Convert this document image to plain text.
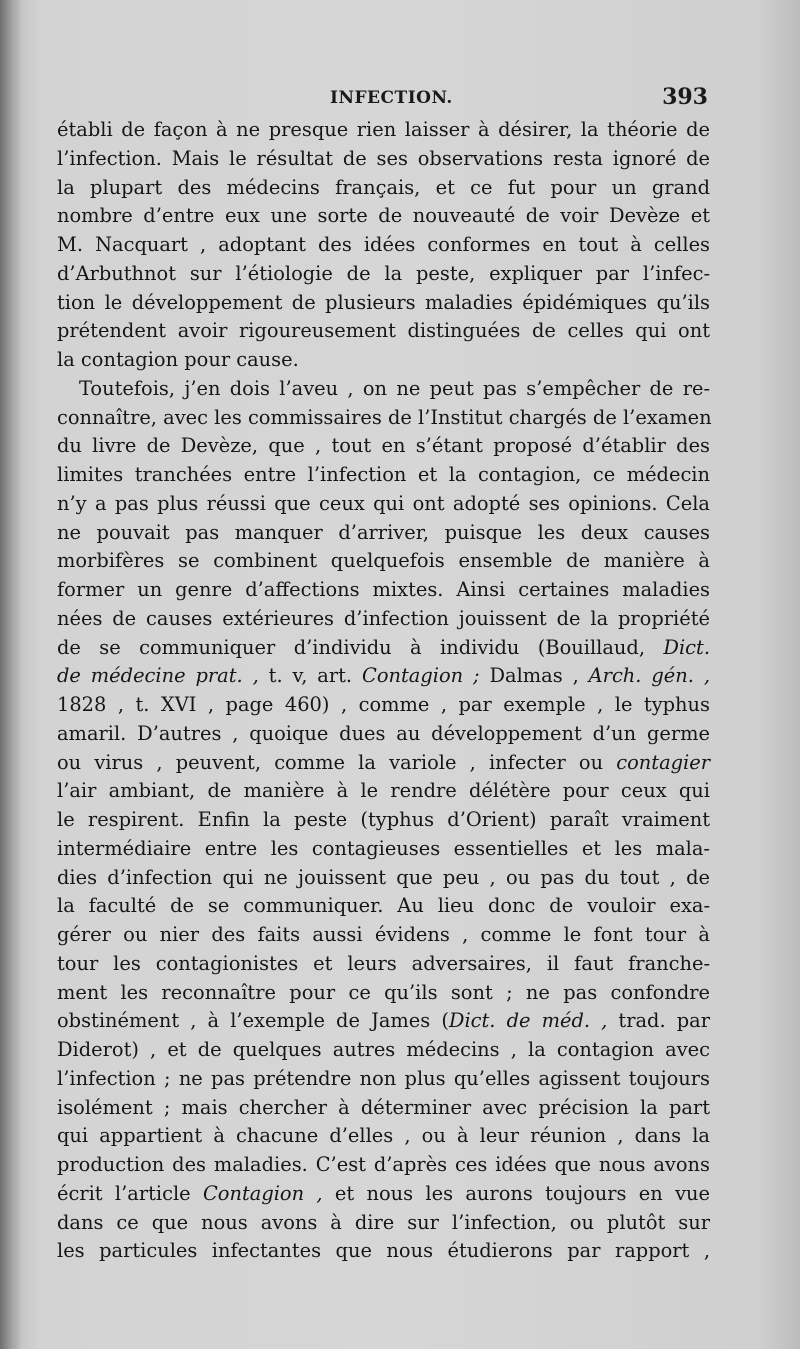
INFECTION.	393
établi de façon à ne presque rien laisser à désirer, la théorie de
l’infection. Mais le résultat de ses observations resta ignoré de
la plupart des médecins français, et ce fut pour un grand
nombre d’entre eux une sorte de nouveauté de voir Devèze et
M. Nacquart , adoptant des idées conformes en tout à celles
d’Arbuthnot sur l’étiologie de la peste, expliquer par l’infec-
tion le développement de plusieurs maladies épidémiques qu’ils
prétendent avoir rigoureusement distinguées de celles qui ont
la contagion pour cause.
Toutefois, j’en dois l’aveu , on ne peut pas s’empêcher de re-
connaître, avec les commissaires de l’Institut chargés de l’examen
du livre de Devèze, que , tout en s’étant proposé d’établir des
limites tranchées entre l’infection et la contagion, ce médecin
n’y a pas plus réussi que ceux qui ont adopté ses opinions. Cela
ne pouvait pas manquer d’arriver, puisque les deux causes
morbifères se combinent quelquefois ensemble de manière à
former un genre d’affections mixtes. Ainsi certaines maladies
nées de causes extérieures d’infection jouissent de la propriété
de se communiquer d’individu à individu (Bouillaud, Dict.
de médecine prat. , t. v, art. Contagion ; Dalmas , Arch. gén. ,
1828 , t. XVI , page 460) , comme , par exemple , le typhus
amaril. D’autres , quoique dues au développement d’un germe
ou virus , peuvent, comme la variole , infecter ou contagier
l’air ambiant, de manière à le rendre délétère pour ceux qui
le respirent. Enfin la peste (typhus d’Orient) paraît vraiment
intermédiaire entre les contagieuses essentielles et les mala-
dies d’infection qui ne jouissent que peu , ou pas du tout , de
la faculté de se communiquer. Au lieu donc de vouloir exa-
gérer ou nier des faits aussi évidens , comme le font tour à
tour les contagionistes et leurs adversaires, il faut franche-
ment les reconnaître pour ce qu’ils sont ; ne pas confondre
obstinément , à l’exemple de James (Dict. de méd. , trad. par
Diderot) , et de quelques autres médecins , la contagion avec
l’infection ; ne pas prétendre non plus qu’elles agissent toujours
isolément ; mais chercher à déterminer avec précision la part
qui appartient à chacune d’elles , ou à leur réunion , dans la
production des maladies. C’est d’après ces idées que nous avons
écrit l’article Contagion , et nous les aurons toujours en vue
dans ce que nous avons à dire sur l’infection, ou plutôt sur
les particules infectantes que nous étudierons par rapport ,
